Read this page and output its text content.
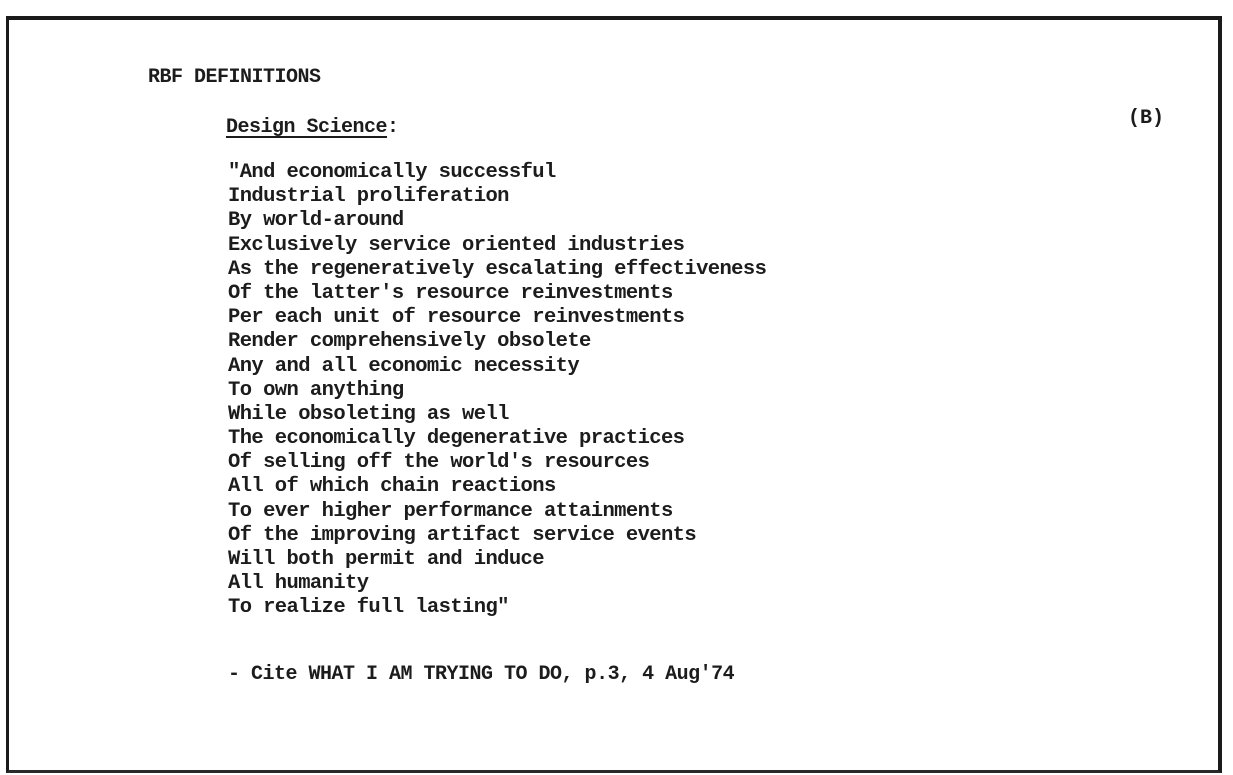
RBF DEFINITIONS
(B)
Design Science:
"And economically successful
Industrial proliferation
By world-around
Exclusively service oriented industries
As the regeneratively escalating effectiveness
Of the latter's resource reinvestments
Per each unit of resource reinvestments
Render comprehensively obsolete
Any and all economic necessity
To own anything
While obsoleting as well
The economically degenerative practices
Of selling off the world's resources
All of which chain reactions
To ever higher performance attainments
Of the improving artifact service events
Will both permit and induce
All humanity
To realize full lasting"
- Cite WHAT I AM TRYING TO DO, p.3, 4 Aug'74
